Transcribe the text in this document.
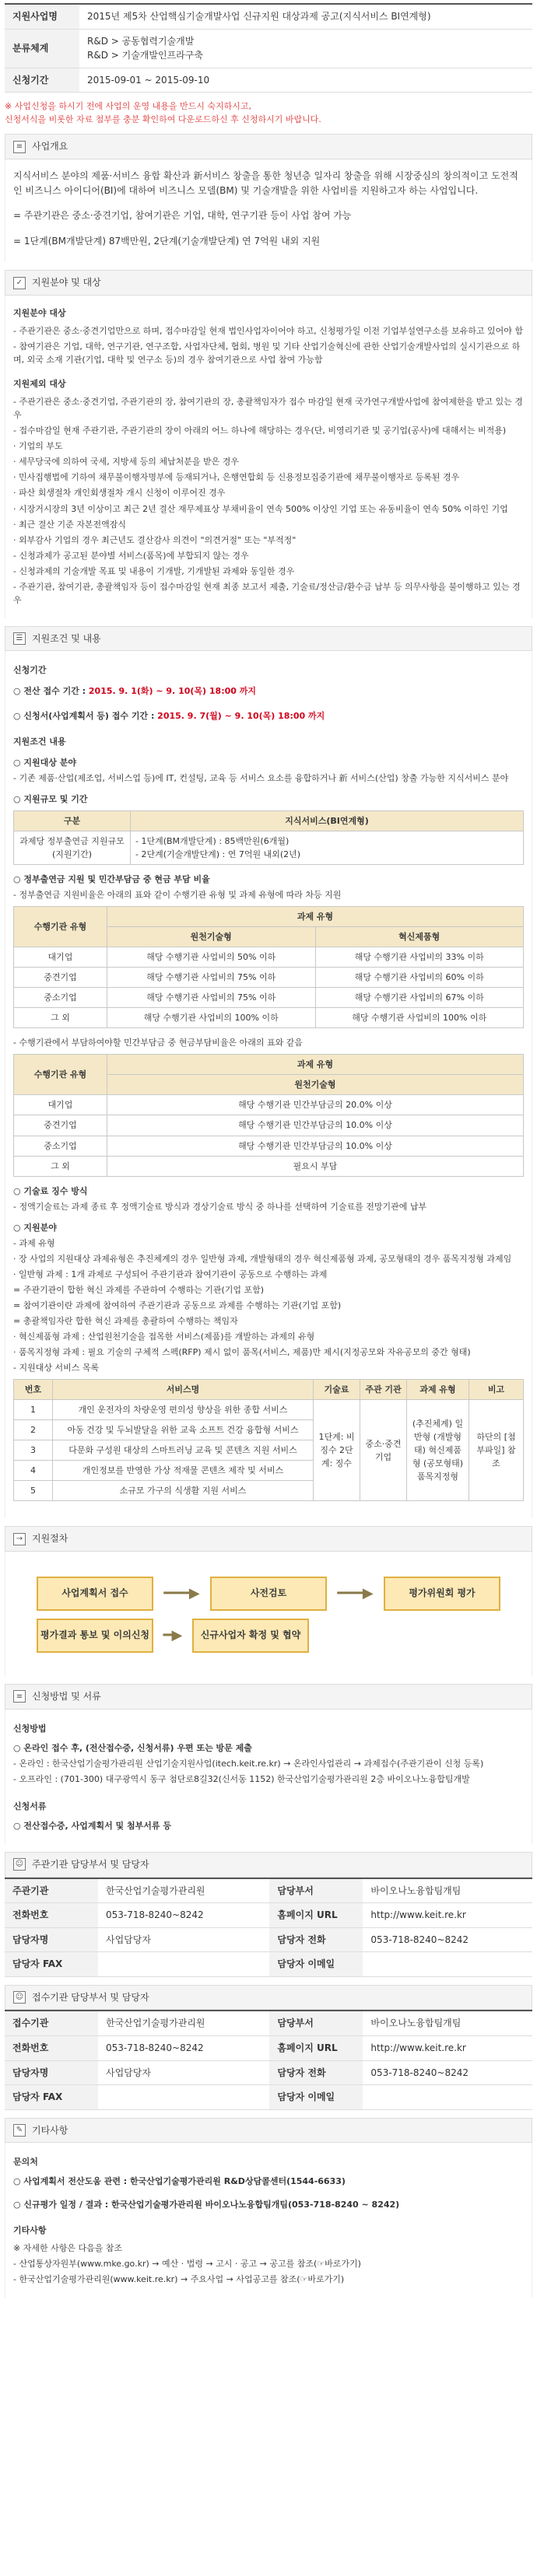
지원사업명	2015년 제5차 산업핵심기술개발사업 신규지원 대상과제 공고(지식서비스 BI연계형)
분류체계	R&D > 공동협력기술개발
R&D > 기술개발인프라구축

신청기간	2015-09-01 ~ 2015-09-10
※ 사업신청을 하시기 전에 사업의 운영 내용을 반드시 숙지하시고,
신청서식을 비롯한 자료 첨부를 충분 확인하여 다운로드하신 후 신청하시기 바랍니다.
≡ 사업개요

지식서비스 분야의 제품·서비스 융합 확산과 新서비스 창출을 통한 청년층 일자리 창출을 위해 시장중심의 창의적이고 도전적인 비즈니스 아이디어(BI)에 대하여 비즈니스 모델(BM) 및 기술개발을 위한 사업비를 지원하고자 하는 사업입니다.

= 주관기관은 중소·중견기업, 참여기관은 기업, 대학, 연구기관 등이 사업 참여 가능

= 1단계(BM개발단계) 87백만원, 2단계(기술개발단계) 연 7억원 내외 지원

✓ 지원분야 및 대상
지원분야 대상
- 주관기관은 중소·중견기업만으로 하며, 접수마감일 현재 법인사업자이어야 하고, 신청평가일 이전 기업부설연구소를 보유하고 있어야 함
- 참여기관은 기업, 대학, 연구기관, 연구조합, 사업자단체, 협회, 병원 및 기타 산업기술혁신에 관한 산업기술개발사업의 실시기관으로 하며, 외국 소재 기관(기업, 대학 및 연구소 등)의 경우 참여기관으로 사업 참여 가능함
지원제외 대상
- 주관기관은 중소·중견기업, 주관기관의 장, 참여기관의 장, 총괄책임자가 접수 마감일 현재 국가연구개발사업에 참여제한을 받고 있는 경우
- 접수마감일 현재 주관기관, 주관기관의 장이 아래의 어느 하나에 해당하는 경우(단, 비영리기관 및 공기업(공사)에 대해서는 비적용)
· 기업의 부도
· 세무당국에 의하여 국세, 지방세 등의 체납처분을 받은 경우
· 민사집행법에 기하여 채무불이행자명부에 등재되거나, 은행연합회 등 신용정보집중기관에 채무불이행자로 등록된 경우
· 파산 회생절차 개인회생절차 개시 신청이 이루어진 경우
· 시장거시장의 3년 이상이고 최근 2년 결산 재무제표상 부채비율이 연속 500% 이상인 기업 또는 유동비율이 연속 50% 이하인 기업
· 최근 결산 기준 자본전액잠식
· 외부감사 기업의 경우 최근년도 결산감사 의견이 "의견거절" 또는 "부적정"
- 신청과제가 공고된 분야별 서비스(품목)에 부합되지 않는 경우
- 신청과제의 기술개발 목표 및 내용이 기개발, 기개발된 과제와 동일한 경우
- 주관기관, 참여기관, 총괄책임자 등이 접수마감일 현재 최종 보고서 제출, 기술료/정산금/환수금 납부 등 의무사항을 불이행하고 있는 경우
☰ 지원조건 및 내용
신청기간
○ 전산 접수 기간 : 2015. 9. 1(화) ~ 9. 10(목) 18:00 까지
○ 신청서(사업계획서 등) 접수 기간 : 2015. 9. 7(월) ~ 9. 10(목) 18:00 까지
지원조건 내용
○ 지원대상 분야
- 기존 제품·산업(제조업, 서비스업 등)에 IT, 컨설팅, 교육 등 서비스 요소를 융합하거나 新 서비스(산업) 창출 가능한 지식서비스 분야
○ 지원규모 및 기간
구분	지식서비스(BI연계형)
과제당 정부출연금 지원규모 (지원기간)	- 1단계(BM개발단계) : 85백만원(6개월)
- 2단계(기술개발단계) : 연 7억원 내외(2년)
○ 정부출연금 지원 및 민간부담금 중 현금 부담 비율
- 정부출연금 지원비율은 아래의 표와 같이 수행기관 유형 및 과제 유형에 따라 차등 지원
수행기관 유형	과제 유형	
	원천기술형	혁신제품형
대기업	해당 수행기관 사업비의 50% 이하	해당 수행기관 사업비의 33% 이하
중견기업	해당 수행기관 사업비의 75% 이하	해당 수행기관 사업비의 60% 이하
중소기업	해당 수행기관 사업비의 75% 이하	해당 수행기관 사업비의 67% 이하
그 외	해당 수행기관 사업비의 100% 이하	해당 수행기관 사업비의 100% 이하
- 수행기관에서 부담하여야할 민간부담금 중 현금부담비율은 아래의 표와 같음
수행기관 유형	과제 유형
	원천기술형
대기업	해당 수행기관 민간부담금의 20.0% 이상
중견기업	해당 수행기관 민간부담금의 10.0% 이상
중소기업	해당 수행기관 민간부담금의 10.0% 이상
그 외	필요시 부담
○ 기술료 징수 방식
- 정액기술료는 과제 종료 후 정액기술료 방식과 경상기술료 방식 중 하나를 선택하여 기술료를 전망기관에 납부
○ 지원분야
- 과제 유형
· 장 사업의 지원대상 과제유형은 추진체계의 경우 일반형 과제, 개발형태의 경우 혁신제품형 과제, 공모형태의 경우 품목지정형 과제임
· 일반형 과제 : 1개 과제로 구성되어 주관기관과 참여기관이 공동으로 수행하는 과제
= 주관기관이 합한 혁신 과제를 주관하여 수행하는 기관(기업 포함)
= 참여기관이란 과제에 참여하여 주관기관과 공동으로 과제를 수행하는 기관(기업 포함)
= 총괄책임자란 합한 혁신 과제를 총괄하여 수행하는 책임자
· 혁신제품형 과제 : 산업원천기술을 접목한 서비스(제품)를 개발하는 과제의 유형
· 품목지정형 과제 : 필요 기술의 구체적 스펙(RFP) 제시 없이 품목(서비스, 제품)만 제시(지정공모와 자유공모의 중간 형태)
- 지원대상 서비스 목록
번호	서비스명	기술료	주관 기관	과제 유형	비고
1	개인 운전자의 차량운영 편의성 향상을 위한 종합 서비스	1단계: 비징수 2단계: 징수	중소·중견 기업	(추진체계) 일반형 (개발형태) 혁신제품형 (공모형태) 품목지정형	하단의 [첨부파일] 참조
2	아동 건강 및 두뇌발달을 위한 교육 소프트 건강 융합형 서비스				
3	다문화 구성원 대상의 스마트러닝 교육 및 콘텐츠 지원 서비스				
4	개인정보를 반영한 가상 적재물 콘텐츠 제작 및 서비스				
5	소규모 가구의 식생활 지원 서비스				
→ 지원절차
사업계획서 접수	━━━▶	사전검토	━━━▶	평가위원회 평가
평가결과 통보 및 이의신청 ━▶	신규사업자 확정 및 협약
≡ 신청방법 및 서류
신청방법
○ 온라인 접수 후, (전산접수증, 신청서류) 우편 또는 방문 제출
- 온라인 : 한국산업기술평가관리원 산업기술지원사업(itech.keit.re.kr) → 온라인사업관리 → 과제접수(주관기관이 신청 등록)
- 오프라인 : (701-300) 대구광역시 동구 첨단로8길32(신서동 1152) 한국산업기술평가관리원 2층 바이오나노융합팀개발
신청서류
○ 전산접수증, 사업계획서 및 첨부서류 등
☺ 주관기관 담당부서 및 담당자
주관기관	한국산업기술평가관리원	담당부서	바이오나노융합팀개팀
전화번호	053-718-8240~8242	홈페이지 URL	http://www.keit.re.kr
담당자명	사업담당자	담당자 전화	053-718-8240~8242
담당자 FAX		담당자 이메일	
☺ 접수기관 담당부서 및 담당자
접수기관	한국산업기술평가관리원	담당부서	바이오나노융합팀개팀
전화번호	053-718-8240~8242	홈페이지 URL	http://www.keit.re.kr
담당자명	사업담당자	담당자 전화	053-718-8240~8242
담당자 FAX		담당자 이메일	
✎ 기타사항
문의처
○ 사업계획서 전산도움 관련 : 한국산업기술평가관리원 R&D상담콜센터(1544-6633)
○ 신규평가 일정 / 결과 : 한국산업기술평가관리원 바이오나노융합팀개팀(053-718-8240 ~ 8242)
기타사항
※ 자세한 사항은 다음을 참조
- 산업통상자원부(www.mke.go.kr) → 예산 · 법령 → 고시 · 공고 → 공고를 참조(☞바로가기)
- 한국산업기술평가관리원(www.keit.re.kr) → 주요사업 → 사업공고를 참조(☞바로가기)
